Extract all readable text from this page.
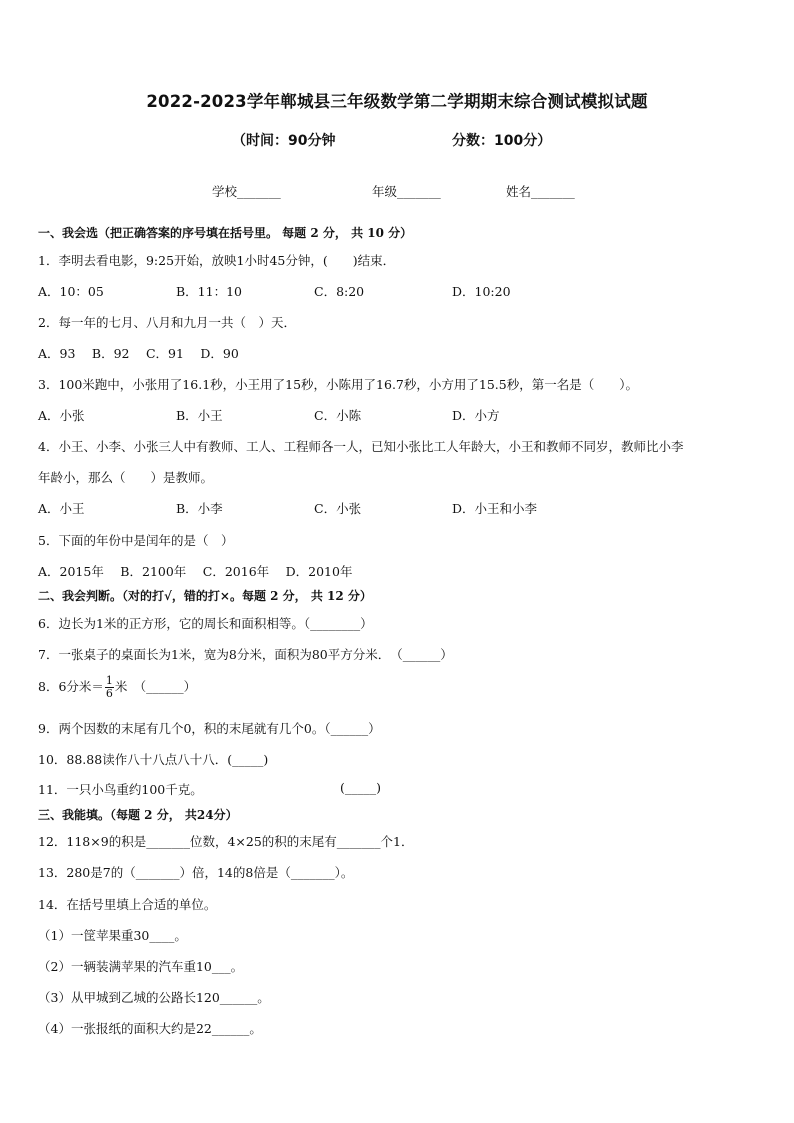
2022-2023学年郸城县三年级数学第二学期期末综合测试模拟试题
（时间：90分钟	分数：100分）
学校_______	年级_______	姓名_______
一、我会选（把正确答案的序号填在括号里。 每题 2 分， 共 10 分）
1．李明去看电影，9:25开始，放映1小时45分钟，(　　)结束．
A．10：05	B．11：10	C．8:20	D．10:20
2．每一年的七月、八月和九月一共（　）天．
A．93　 B．92　 C．91　 D．90
3．100米跑中，小张用了16.1秒，小王用了15秒，小陈用了16.7秒，小方用了15.5秒，第一名是（　　）。
A．小张	B．小王	C．小陈	D．小方
4．小王、小李、小张三人中有教师、工人、工程师各一人，已知小张比工人年龄大，小王和教师不同岁，教师比小李
年龄小，那么（　　）是教师。
A．小王	B．小李	C．小张	D．小王和小李
5．下面的年份中是闰年的是（　）
A．2015年　 B．2100年　 C．2016年　 D．2010年
二、我会判断。（对的打√，错的打×。每题 2 分， 共 12 分）
6．边长为1米的正方形，它的周长和面积相等。（________）
7．一张桌子的桌面长为1米，宽为8分米，面积为80平方分米．　（______）
8．6分米＝ $\frac{1}{6}$ 米　（______）
9．两个因数的末尾有几个0，积的末尾就有几个0。（______）
10．88.88读作八十八点八十八．(_____)
11．一只小鸟重约100千克。	(_____)
三、我能填。（每题 2 分， 共24分）
12．118×9的积是_______位数，4×25的积的末尾有_______个1．
13．280是7的（_______）倍，14的8倍是（_______）。
14．在括号里填上合适的单位。
（1）一筐苹果重30____。
（2）一辆装满苹果的汽车重10___。
（3）从甲城到乙城的公路长120______。
（4）一张报纸的面积大约是22______。
